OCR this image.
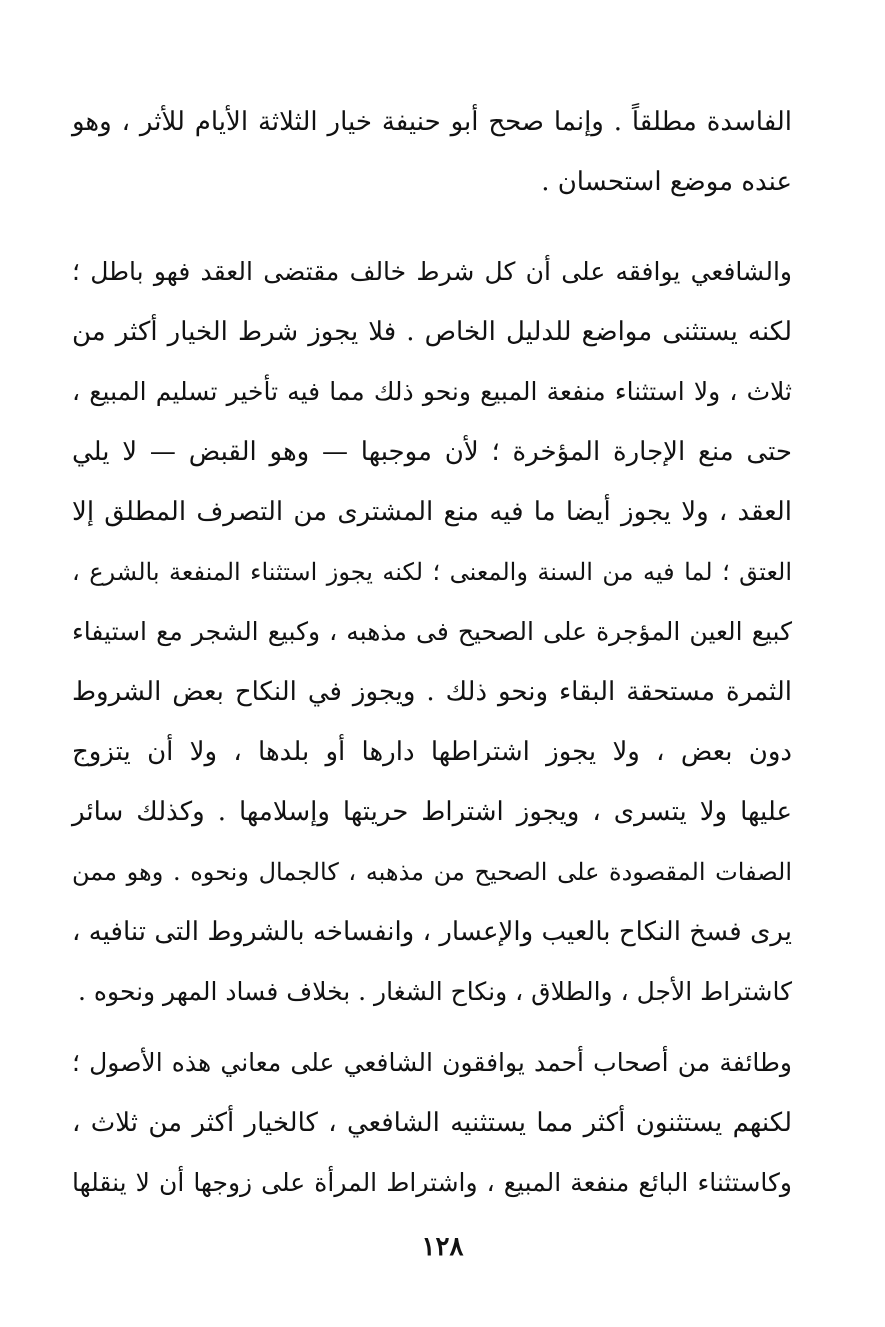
الفاسدة مطلقاً . وإنما صحح أبو حنيفة خيار الثلاثة الأيام للأثر ، وهو
عنده موضع استحسان .
والشافعي يوافقه على أن كل شرط خالف مقتضى العقد فهو باطل ؛
لكنه يستثنى مواضع للدليل الخاص . فلا يجوز شرط الخيار أكثر من
ثلاث ، ولا استثناء منفعة المبيع ونحو ذلك مما فيه تأخير تسليم المبيع ،
حتى منع الإجارة المؤخرة ؛ لأن موجبها — وهو القبض — لا يلي
العقد ، ولا يجوز أيضا ما فيه منع المشترى من التصرف المطلق إلا
العتق ؛ لما فيه من السنة والمعنى ؛ لكنه يجوز استثناء المنفعة بالشرع ،
كبيع العين المؤجرة على الصحيح فى مذهبه ، وكبيع الشجر مع استيفاء
الثمرة مستحقة البقاء ونحو ذلك . ويجوز في النكاح بعض الشروط
دون بعض ، ولا يجوز اشتراطها دارها أو بلدها ، ولا أن يتزوج
عليها ولا يتسرى ، ويجوز اشتراط حريتها وإسلامها . وكذلك سائر
الصفات المقصودة على الصحيح من مذهبه ، كالجمال ونحوه . وهو ممن
يرى فسخ النكاح بالعيب والإعسار ، وانفساخه بالشروط التى تنافيه ،
كاشتراط الأجل ، والطلاق ، ونكاح الشغار . بخلاف فساد المهر ونحوه .
وطائفة من أصحاب أحمد يوافقون الشافعي على معاني هذه الأصول ؛
لكنهم يستثنون أكثر مما يستثنيه الشافعي ، كالخيار أكثر من ثلاث ،
وكاستثناء البائع منفعة المبيع ، واشتراط المرأة على زوجها أن لا ينقلها
١٢٨
